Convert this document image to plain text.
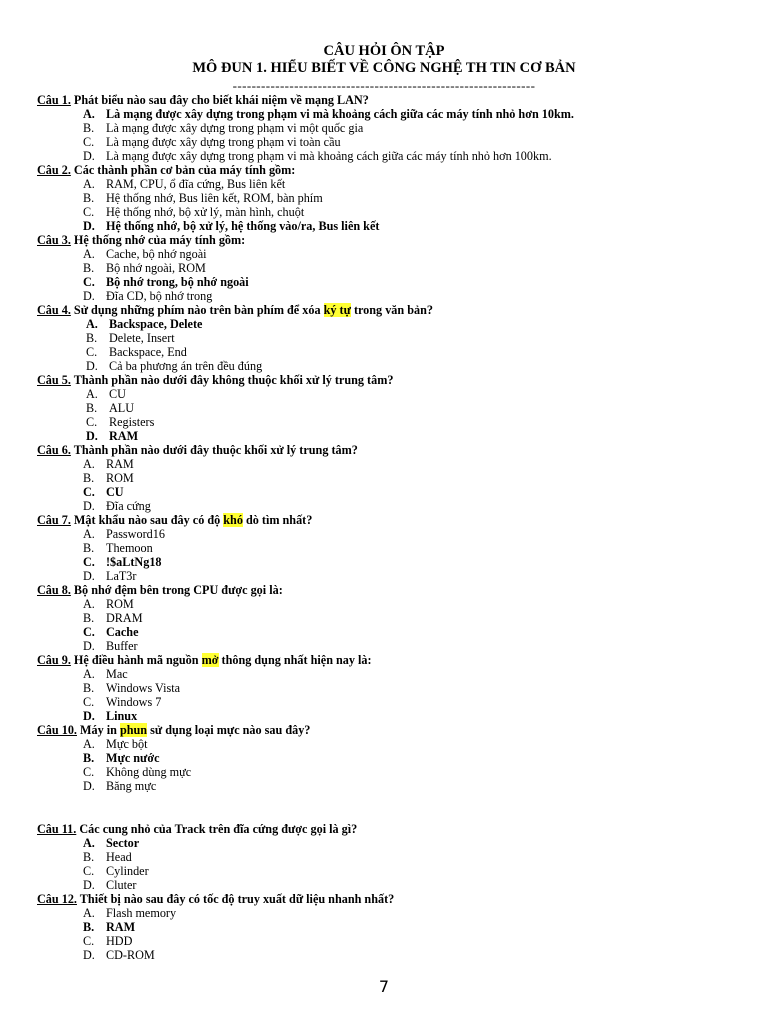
CÂU HỎI ÔN TẬP
MÔ ĐUN 1. HIỂU BIẾT VỀ CÔNG NGHỆ TH TIN CƠ BẢN
----------------------------------------------------------------
Câu 1. Phát biểu nào sau đây cho biết khái niệm về mạng LAN?
A. Là mạng được xây dựng trong phạm vi mà khoảng cách giữa các máy tính nhỏ hơn 10km.
B. Là mạng được xây dựng trong phạm vi một quốc gia
C. Là mạng được xây dựng trong phạm vi toàn cầu
D. Là mạng được xây dựng trong phạm vi mà khoảng cách giữa các máy tính nhỏ hơn 100km.
Câu 2. Các thành phần cơ bản của máy tính gồm:
A. RAM, CPU, ổ đĩa cứng, Bus liên kết
B. Hệ thống nhớ, Bus liên kết, ROM, bàn phím
C. Hệ thống nhớ, bộ xử lý, màn hình, chuột
D. Hệ thống nhớ, bộ xử lý, hệ thống vào/ra, Bus liên kết
Câu 3. Hệ thống nhớ của máy tính gồm:
A. Cache, bộ nhớ ngoài
B. Bộ nhớ ngoài, ROM
C. Bộ nhớ trong, bộ nhớ ngoài
D. Đĩa CD, bộ nhớ trong
Câu 4. Sử dụng những phím nào trên bàn phím để xóa ký tự trong văn bản?
A. Backspace, Delete
B. Delete, Insert
C. Backspace, End
D. Cả ba phương án trên đều đúng
Câu 5. Thành phần nào dưới đây không thuộc khối xử lý trung tâm?
A. CU
B. ALU
C. Registers
D. RAM
Câu 6. Thành phần nào dưới đây thuộc khối xử lý trung tâm?
A. RAM
B. ROM
C. CU
D. Đĩa cứng
Câu 7. Mật khẩu nào sau đây có độ khó dò tìm nhất?
A. Password16
B. Themoon
C. !$aLtNg18
D. LaT3r
Câu 8. Bộ nhớ đệm bên trong CPU được gọi là:
A. ROM
B. DRAM
C. Cache
D. Buffer
Câu 9. Hệ điều hành mã nguồn mở thông dụng nhất hiện nay là:
A. Mac
B. Windows Vista
C. Windows 7
D. Linux
Câu 10. Máy in phun sử dụng loại mực nào sau đây?
A. Mực bột
B. Mực nước
C. Không dùng mực
D. Băng mực
Câu 11. Các cung nhỏ của Track trên đĩa cứng được gọi là gì?
A. Sector
B. Head
C. Cylinder
D. Cluter
Câu 12. Thiết bị nào sau đây có tốc độ truy xuất dữ liệu nhanh nhất?
A. Flash memory
B. RAM
C. HDD
D. CD-ROM
7
